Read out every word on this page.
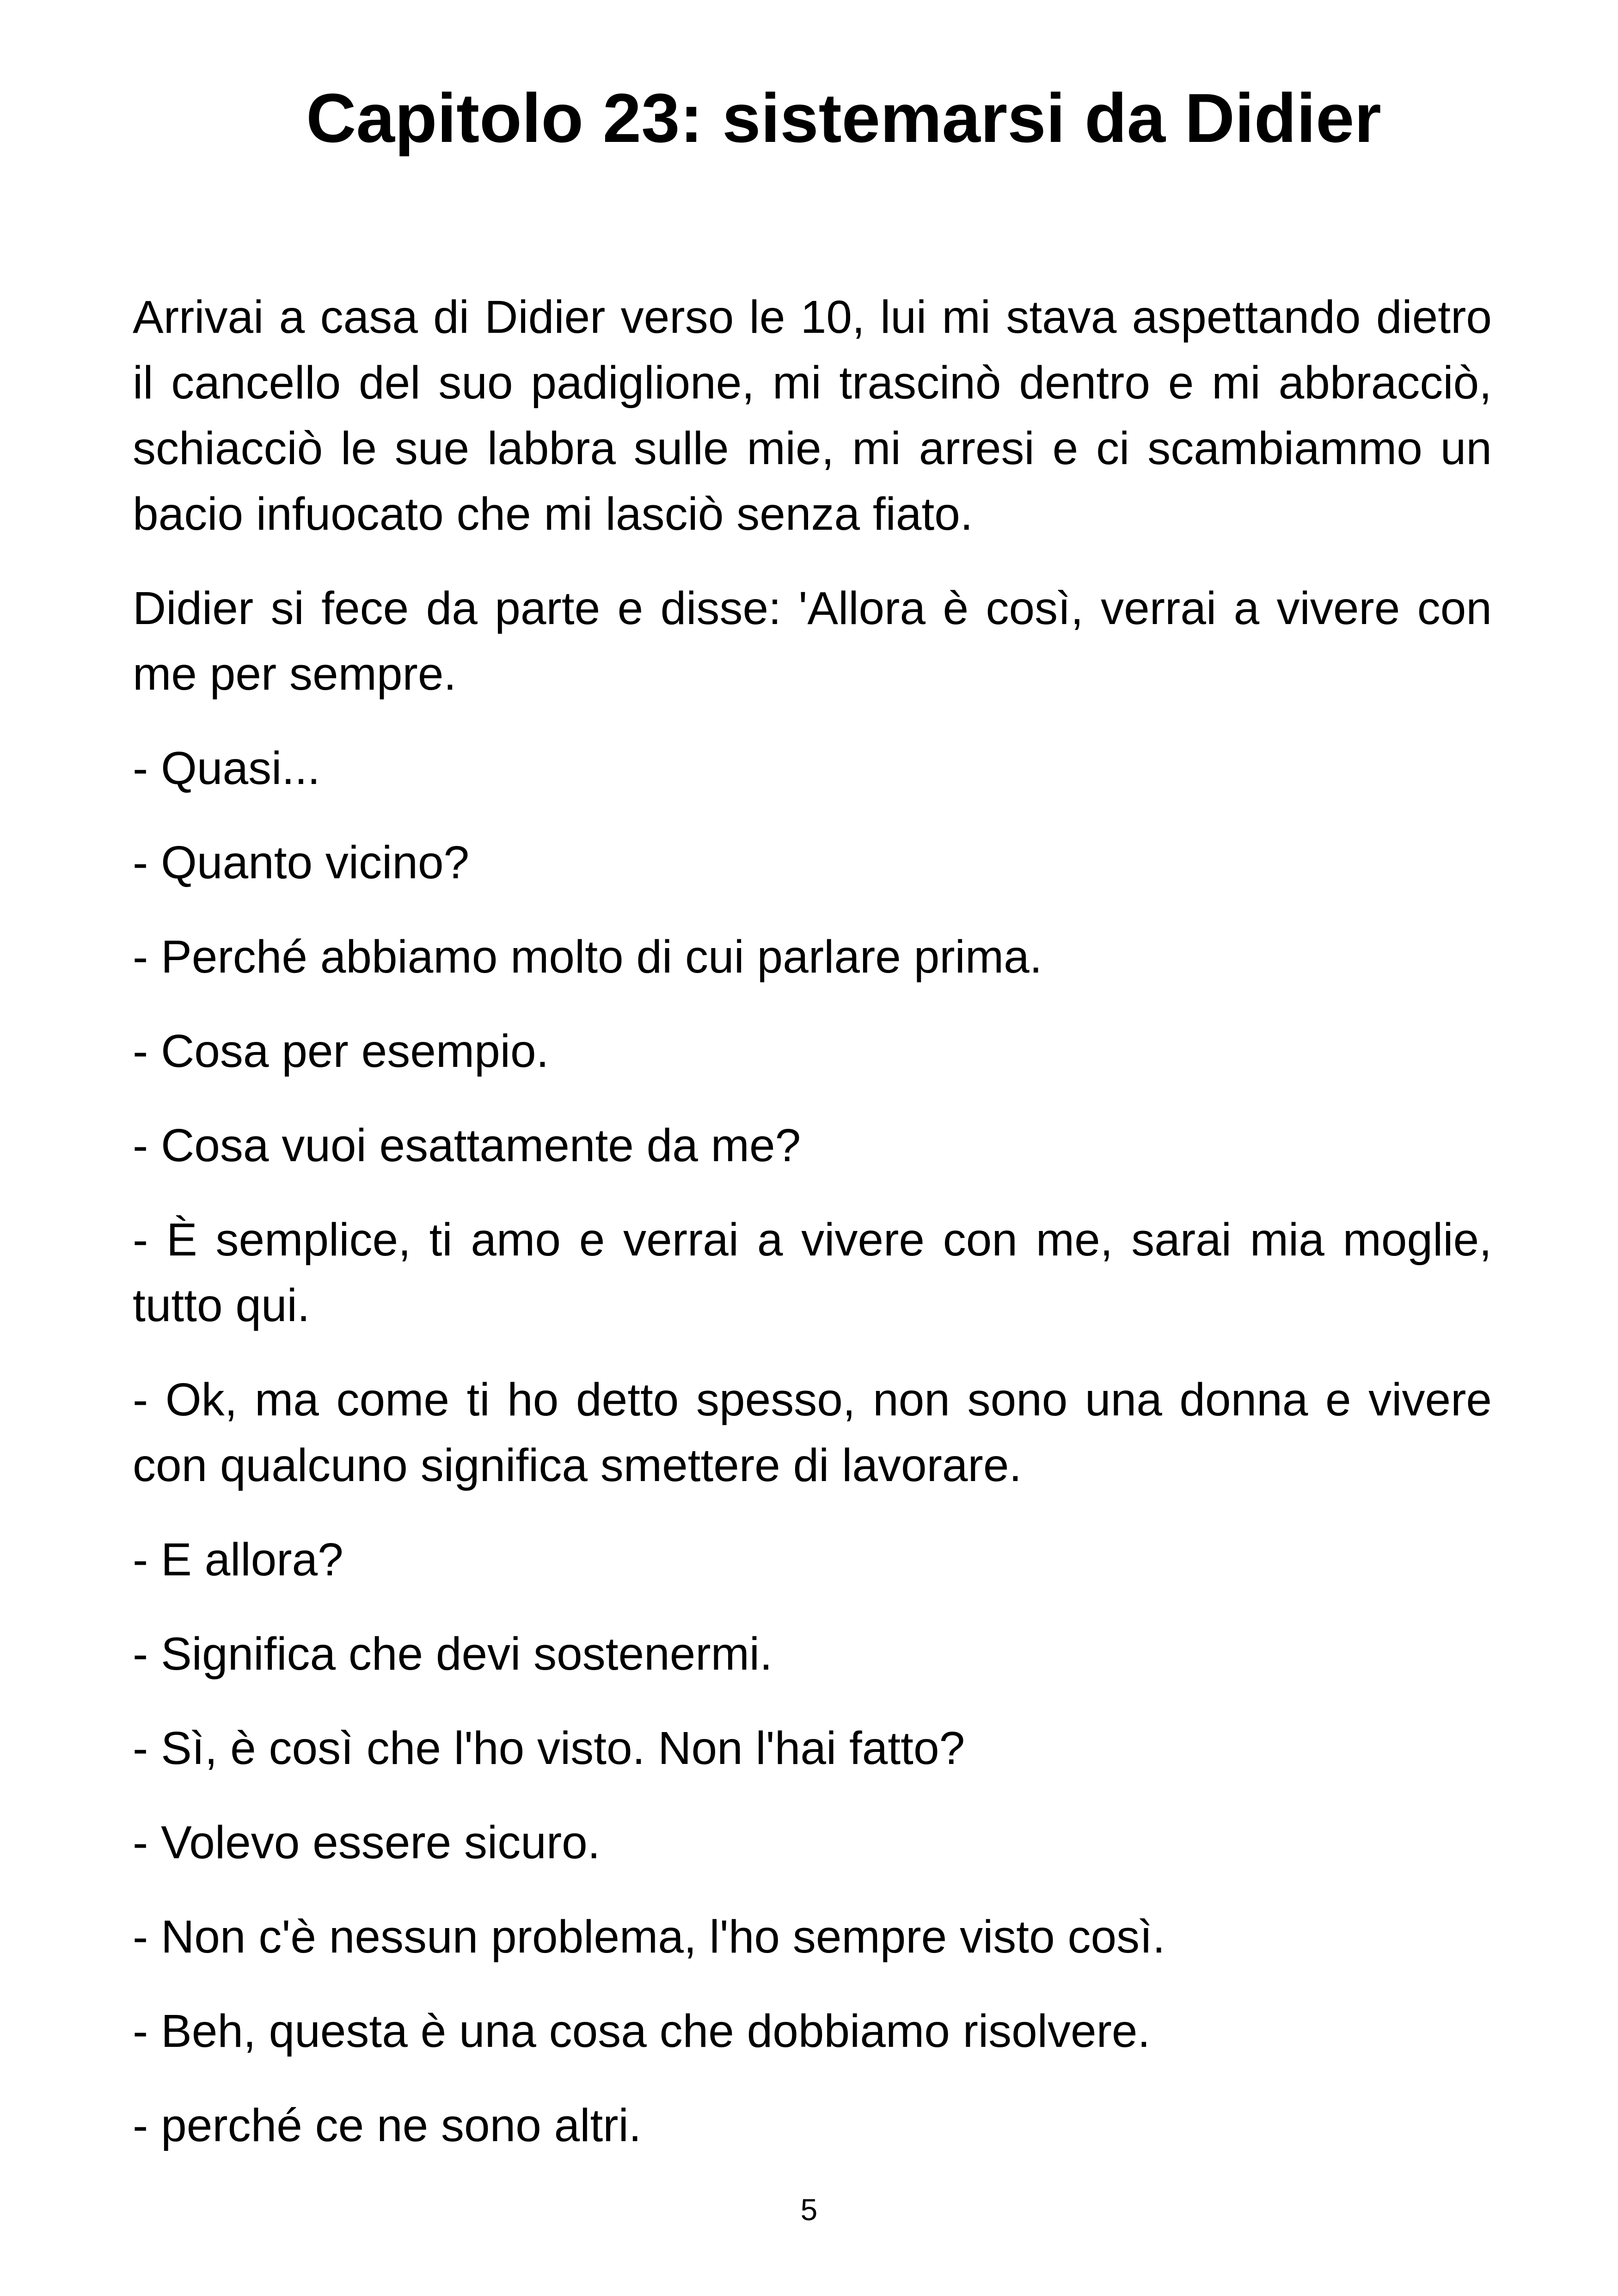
Capitolo 23: sistemarsi da Didier

Arrivai a casa di Didier verso le 10, lui mi stava aspettando dietro il cancello del suo padiglione, mi trascinò dentro e mi abbracciò, schiacciò le sue labbra sulle mie, mi arresi e ci scambiammo un bacio infuocato che mi lasciò senza fiato.

Didier si fece da parte e disse: 'Allora è così, verrai a vivere con me per sempre.

- Quasi...

- Quanto vicino?

- Perché abbiamo molto di cui parlare prima.

- Cosa per esempio.

- Cosa vuoi esattamente da me?

- È semplice, ti amo e verrai a vivere con me, sarai mia moglie, tutto qui.

- Ok, ma come ti ho detto spesso, non sono una donna e vivere con qualcuno significa smettere di lavorare.

- E allora?

- Significa che devi sostenermi.

- Sì, è così che l'ho visto. Non l'hai fatto?

- Volevo essere sicuro.

- Non c'è nessun problema, l'ho sempre visto così.

- Beh, questa è una cosa che dobbiamo risolvere.

- perché ce ne sono altri.

5
